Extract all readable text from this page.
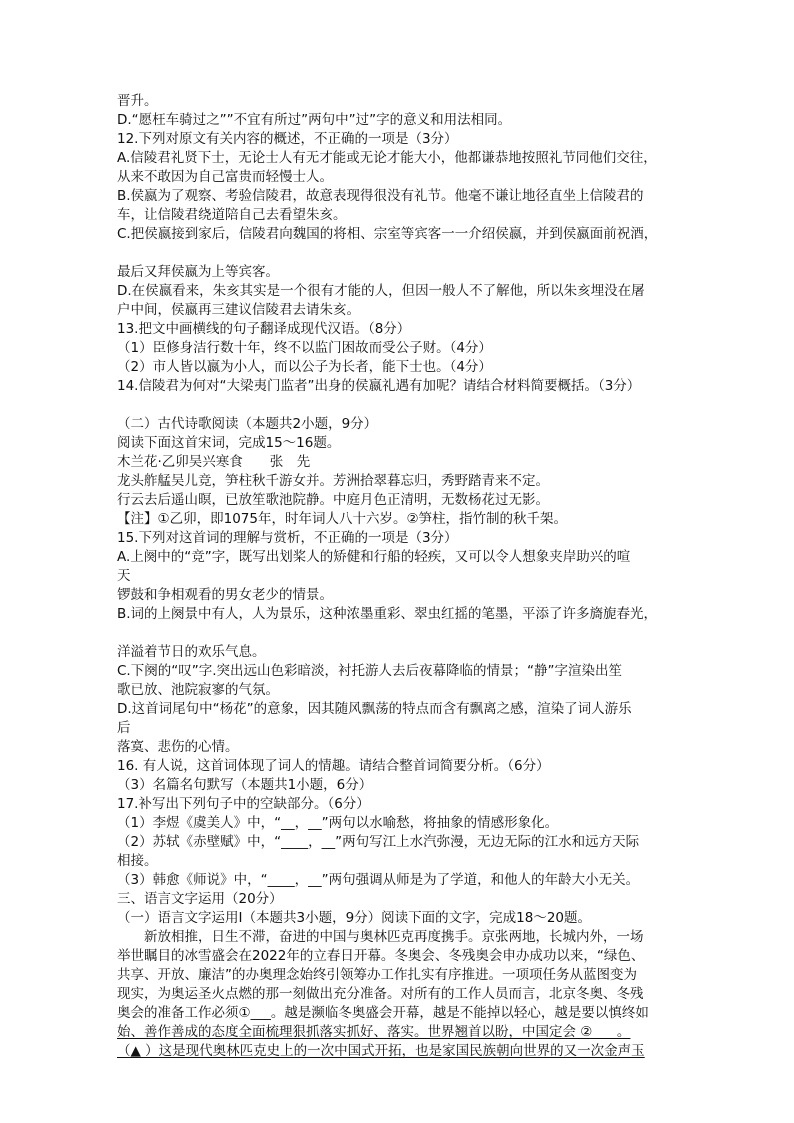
晋升。
D.“愿枉车骑过之””不宜有所过”两句中”过”字的意义和用法相同。
12.下列对原文有关内容的概述，不正确的一项是（3分）
A.信陵君礼贤下士，无论士人有无才能或无论才能大小，他都谦恭地按照礼节同他们交往，
从来不敢因为自己富贵而轻慢士人。
B.侯嬴为了观察、考验信陵君，故意表现得很没有礼节。他毫不谦让地径直坐上信陵君的
车，让信陵君绕道陪自己去看望朱亥。
C.把侯嬴接到家后，信陵君向魏国的将相、宗室等宾客一一介绍侯嬴，并到侯嬴面前祝酒，
最后又拜侯嬴为上等宾客。
D.在侯嬴看来，朱亥其实是一个很有才能的人，但因一般人不了解他，所以朱亥埋没在屠
户中间，侯嬴再三建议信陵君去请朱亥。
13.把文中画横线的句子翻译成现代汉语。（8分）
（1）臣修身洁行数十年，终不以监门困故而受公子财。（4分）
（2）市人皆以嬴为小人，而以公子为长者，能下士也。（4分）
14.信陵君为何对“大梁夷门监者”出身的侯嬴礼遇有加呢？请结合材料简要概括。（3分）
（二）古代诗歌阅读（本题共2小题，9分）
阅读下面这首宋词，完成15～16题。
木兰花·乙卯吴兴寒食　　张　先
龙头舴艋吴儿竞，笋柱秋千游女并。芳洲拾翠暮忘归，秀野踏青来不定。
行云去后遥山暝，已放笙歌池院静。中庭月色正清明，无数杨花过无影。
【注】①乙卯，即1075年，时年词人八十六岁。②笋柱，指竹制的秋千架。
15.下列对这首词的理解与赏析，不正确的一项是（3分）
A.上阕中的“竞”字，既写出划桨人的矫健和行船的轻疾，又可以令人想象夹岸助兴的喧
天
锣鼓和争相观看的男女老少的情景。
B.词的上阕景中有人，人为景乐，这种浓墨重彩、翠虫红摇的笔墨，平添了许多旖旎春光，
洋溢着节日的欢乐气息。
C.下阕的“叹”字.突出远山色彩暗淡，衬托游人去后夜幕降临的情景；“静”字渲染出笙
歌已放、池院寂寥的气氛。
D.这首词尾句中“杨花”的意象，因其随风飘荡的特点而含有飘离之感，渲染了词人游乐
后
落寞、悲伤的心情。
16. 有人说，这首词体现了词人的情趣。请结合整首词简要分析。（6分）
（3）名篇名句默写（本题共1小题，6分）
17.补写出下列句子中的空缺部分。（6分）
（1）李煜《虞美人》中，“__，__”两句以水喻愁，将抽象的情感形象化。
（2）苏轼《赤壁赋》中，“____，__”两句写江上水汽弥漫，无边无际的江水和远方天际
相接。
（3）韩愈《师说》中，“____，__”两句强调从师是为了学道，和他人的年龄大小无关。
三、语言文字运用（20分）
（一）语言文字运用Ⅰ（本题共3小题，9分）阅读下面的文字，完成18～20题。
　　新放相推，日生不滞，奋进的中国与奥林匹克再度携手。京张两地，长城内外，一场
举世瞩目的冰雪盛会在2022年的立春日开幕。冬奥会、冬残奥会申办成功以来，“绿色、
共享、开放、廉洁”的办奥理念始终引领筹办工作扎实有序推进。一项项任务从蓝图变为
现实，为奥运圣火点燃的那一刻做出充分准备。对所有的工作人员而言，北京冬奥、冬残
奥会的准备工作必须①___。越是濒临冬奥盛会开幕，越是不能掉以轻心，越是要以慎终如
始、善作善成的态度全面梳理狠抓落实抓好、落实。世界翘首以盼，中国定会 ②___ 。
（▲ ）这是现代奥林匹克史上的一次中国式开拓，也是家国民族朝向世界的又一次金声玉
